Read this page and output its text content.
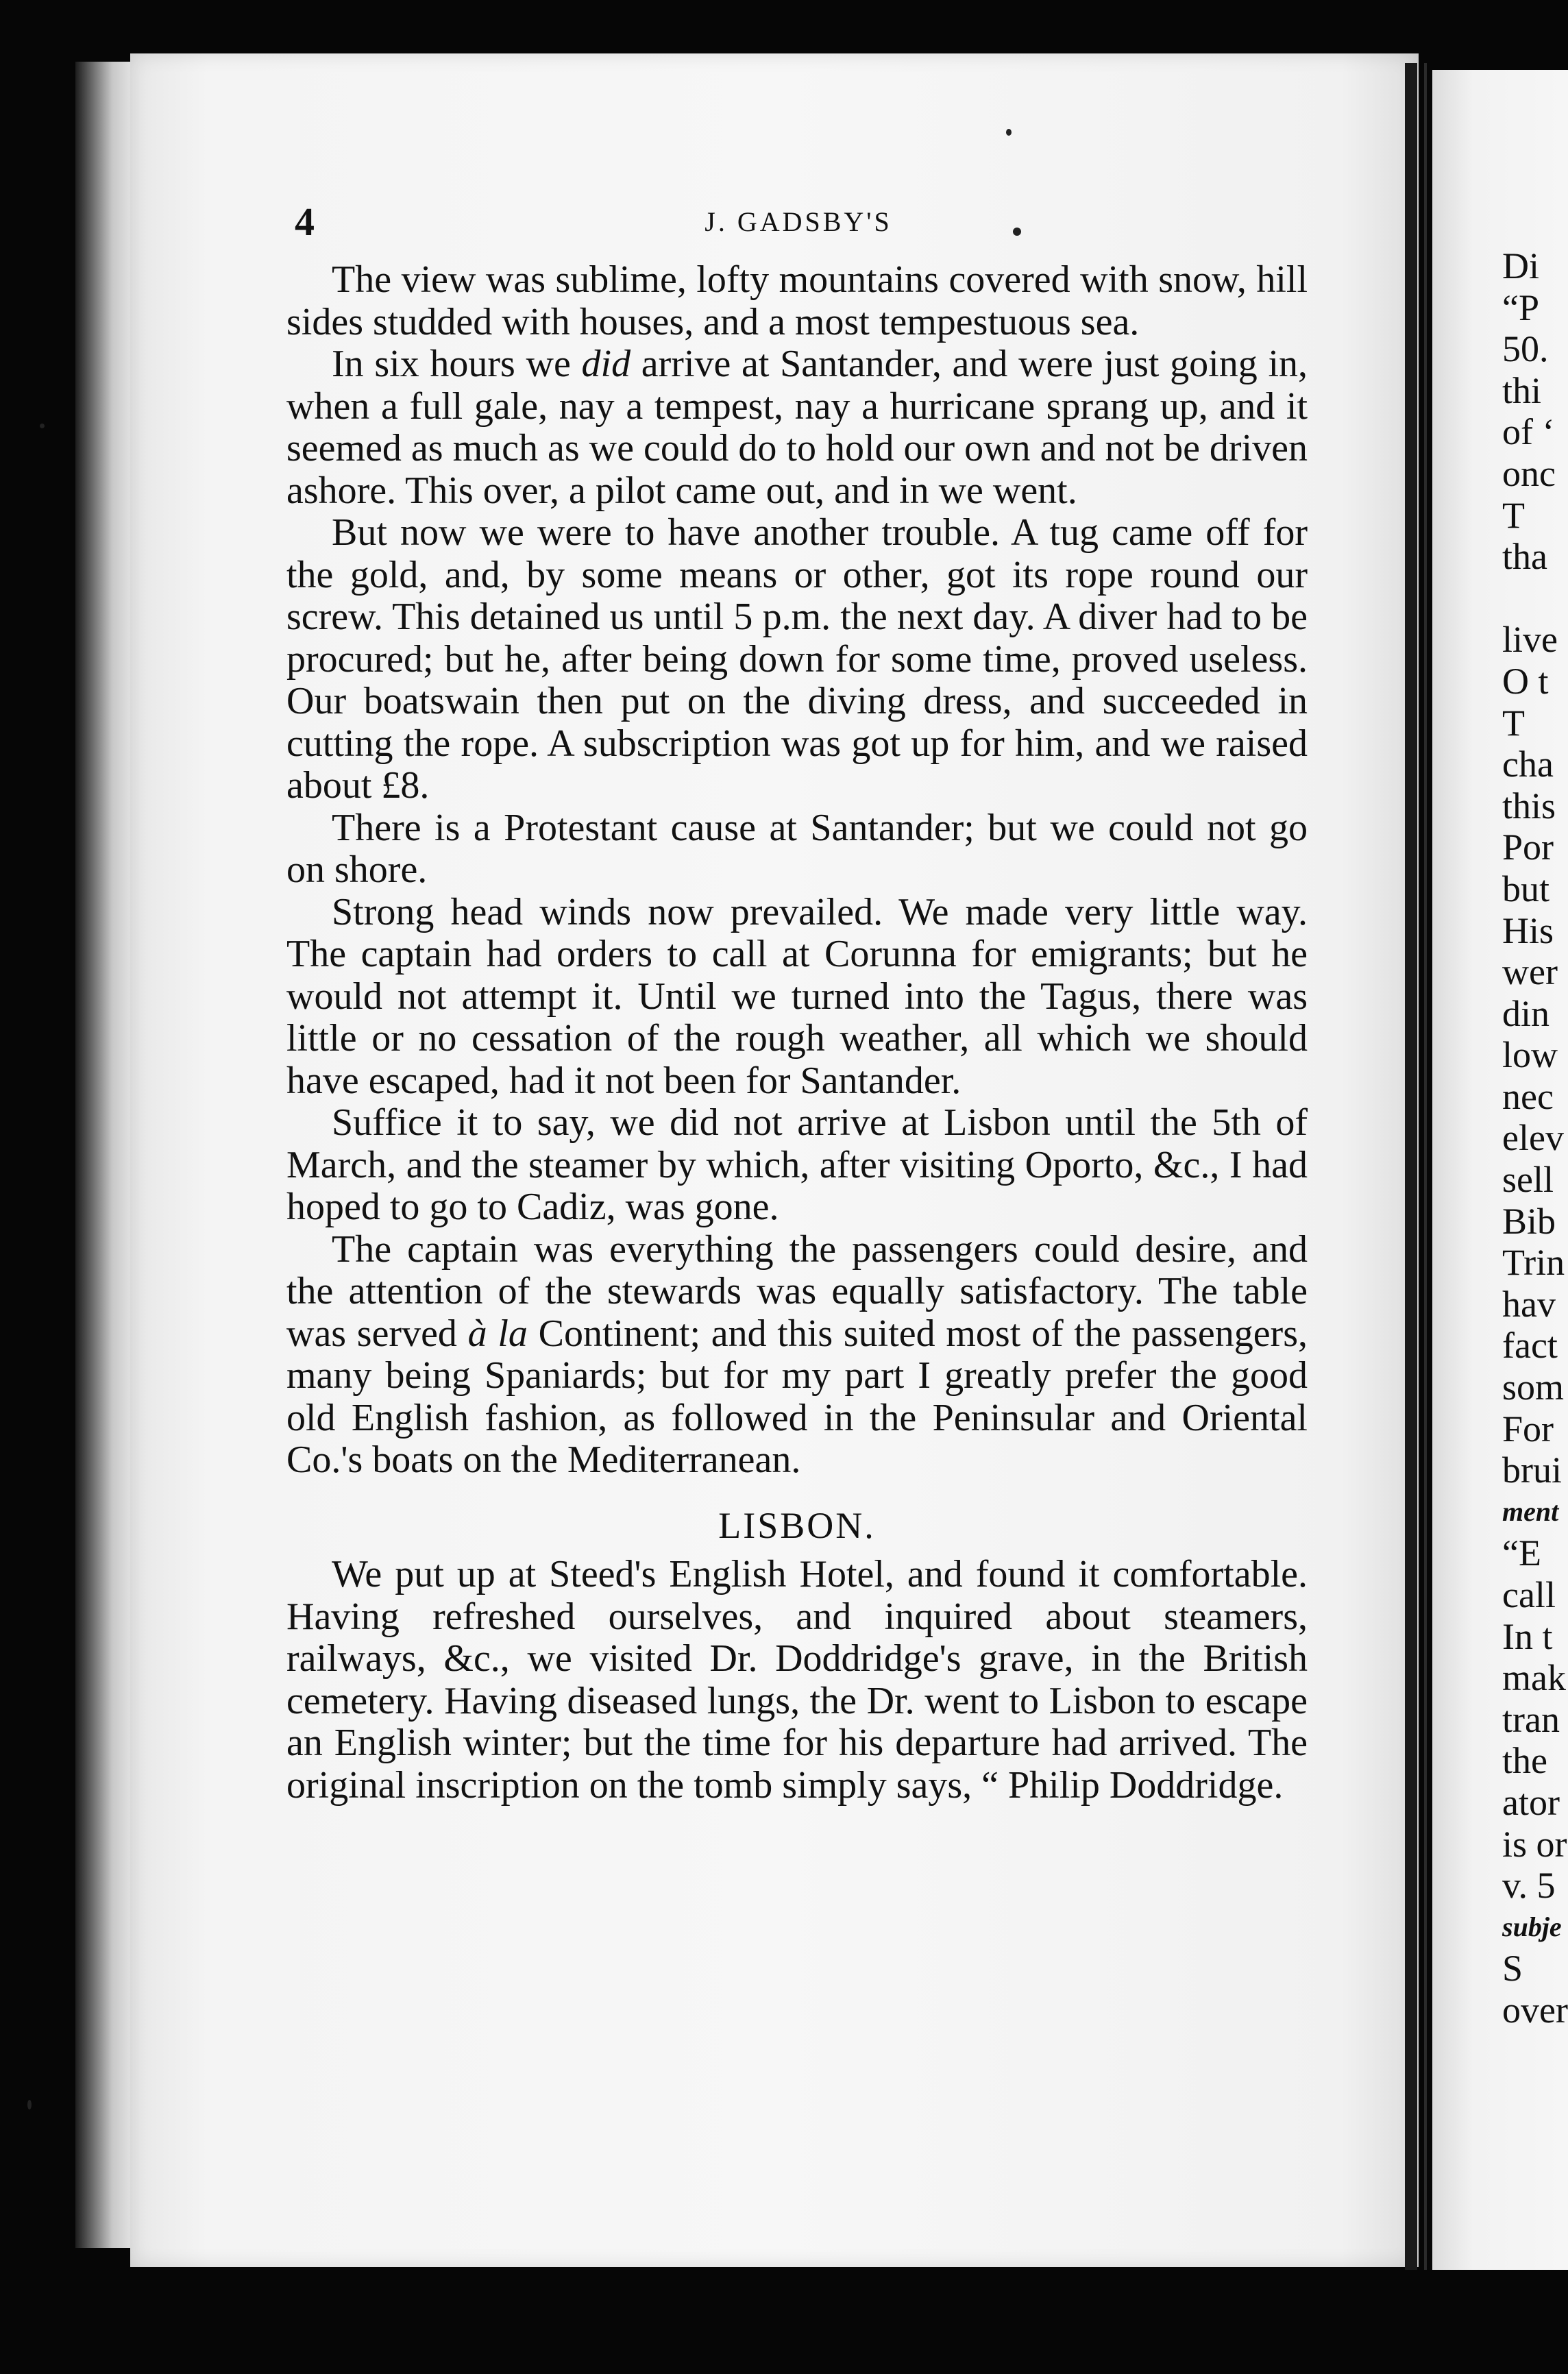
4	J. GADSBY'S

The view was sublime, lofty mountains covered with snow, hill sides studded with houses, and a most tempestuous sea.

In six hours we did arrive at Santander, and were just going in, when a full gale, nay a tempest, nay a hurricane sprang up, and it seemed as much as we could do to hold our own and not be driven ashore. This over, a pilot came out, and in we went.

But now we were to have another trouble. A tug came off for the gold, and, by some means or other, got its rope round our screw. This detained us until 5 p.m. the next day. A diver had to be procured; but he, after being down for some time, proved useless. Our boatswain then put on the diving dress, and succeeded in cutting the rope. A subscription was got up for him, and we raised about £8.

There is a Protestant cause at Santander; but we could not go on shore.

Strong head winds now prevailed. We made very little way. The captain had orders to call at Corunna for emigrants; but he would not attempt it. Until we turned into the Tagus, there was little or no cessation of the rough weather, all which we should have escaped, had it not been for Santander.

Suffice it to say, we did not arrive at Lisbon until the 5th of March, and the steamer by which, after visiting Oporto, &c., I had hoped to go to Cadiz, was gone.

The captain was everything the passengers could desire, and the attention of the stewards was equally satisfactory. The table was served à la Continent; and this suited most of the passengers, many being Spaniards; but for my part I greatly prefer the good old English fashion, as followed in the Peninsular and Oriental Co.'s boats on the Mediterranean.

LISBON.

We put up at Steed's English Hotel, and found it comfortable. Having refreshed ourselves, and inquired about steamers, railways, &c., we visited Dr. Doddridge's grave, in the British cemetery. Having diseased lungs, the Dr. went to Lisbon to escape an English winter; but the time for his departure had arrived. The original inscription on the tomb simply says, “ Philip Doddridge.

Di
“P
50.
thi
of ‘
onc
T
tha
live
O t
T
cha
this
Por
but
His
wer
din
low
nec
elev
sell
Bib
Trin
hav
fact
som
For
brui
ment
“E
call
In t
mak
tran
the
ator
is or
v. 5
subje
S
over
